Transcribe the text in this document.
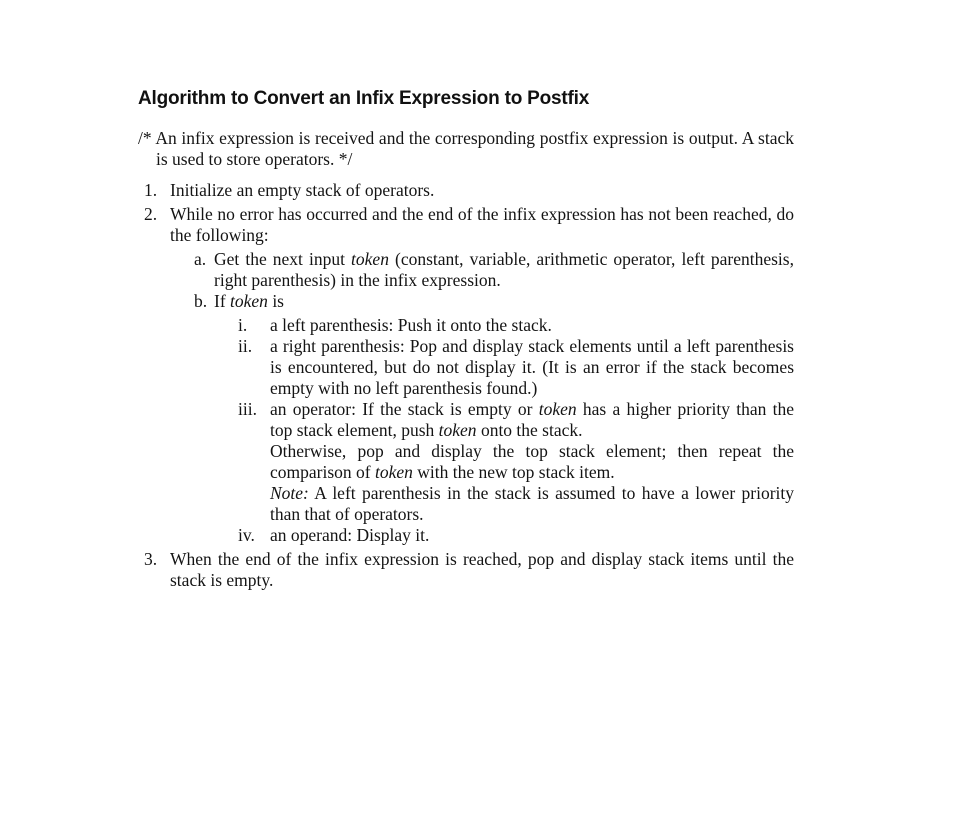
Algorithm to Convert an Infix Expression to Postfix
/* An infix expression is received and the corresponding postfix expression is output. A stack is used to store operators. */
1. Initialize an empty stack of operators.
2. While no error has occurred and the end of the infix expression has not been reached, do the following:
a. Get the next input token (constant, variable, arithmetic operator, left parenthesis, right parenthesis) in the infix expression.
b. If token is
i. a left parenthesis: Push it onto the stack.
ii. a right parenthesis: Pop and display stack elements until a left parenthesis is encountered, but do not display it. (It is an error if the stack becomes empty with no left parenthesis found.)
iii. an operator: If the stack is empty or token has a higher priority than the top stack element, push token onto the stack.
Otherwise, pop and display the top stack element; then repeat the comparison of token with the new top stack item.
Note: A left parenthesis in the stack is assumed to have a lower priority than that of operators.
iv. an operand: Display it.
3. When the end of the infix expression is reached, pop and display stack items until the stack is empty.
